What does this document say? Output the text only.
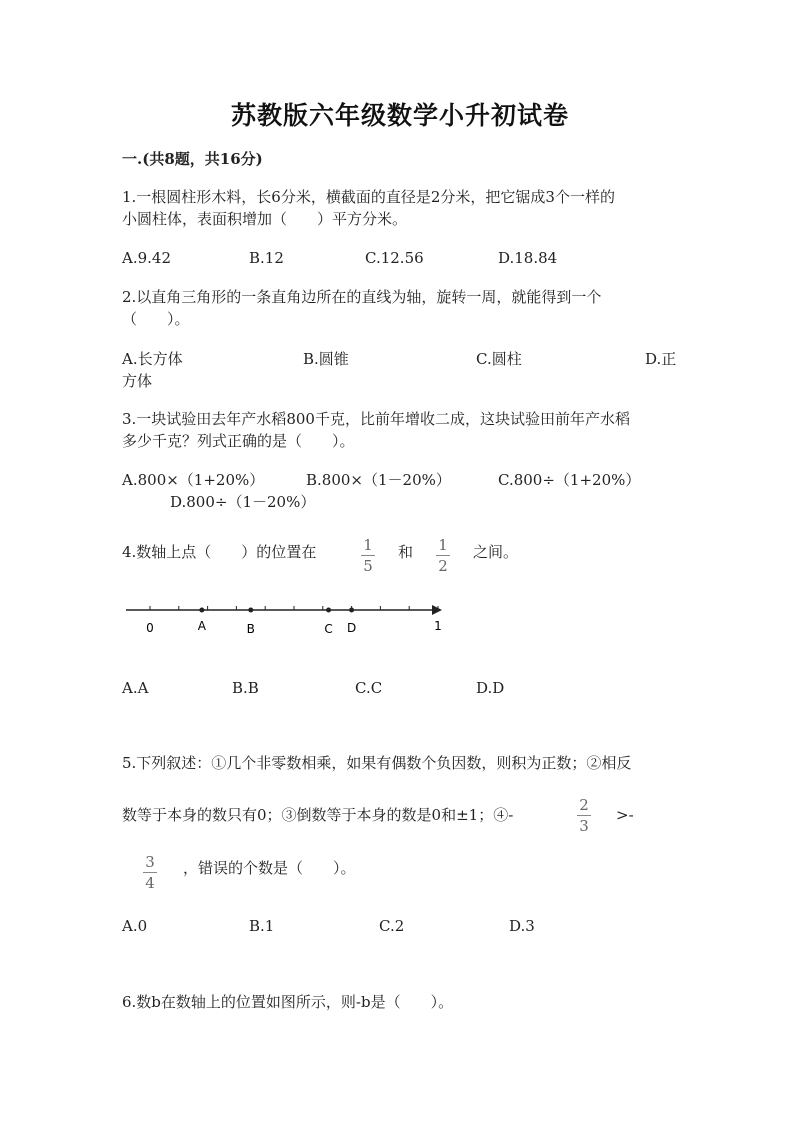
苏教版六年级数学小升初试卷
一.(共8题，共16分)
1.一根圆柱形木料，长6分米，横截面的直径是2分米，把它锯成3个一样的
小圆柱体，表面积增加（　　）平方分米。
A.9.42	B.12	C.12.56	D.18.84
2.以直角三角形的一条直角边所在的直线为轴，旋转一周，就能得到一个
（　　）。
A.长方体	B.圆锥	C.圆柱	D.正
方体
3.一块试验田去年产水稻800千克，比前年增收二成，这块试验田前年产水稻
多少千克？列式正确的是（　　）。
A.800×（1+20%）	B.800×（1－20%）	C.800÷（1+20%）
D.800÷（1－20%）
4.数轴上点（　　）的位置在	1
5
和	1
2
之间。
0	A	B	C D	1
A.A	B.B	C.C	D.D
5.下列叙述：①几个非零数相乘，如果有偶数个负因数，则积为正数；②相反
数等于本身的数只有0；③倒数等于本身的数是0和±1；④-
2
3
>-
3
4
，错误的个数是（　　）。
A.0	B.1	C.2	D.3
6.数b在数轴上的位置如图所示，则-b是（　　）。
